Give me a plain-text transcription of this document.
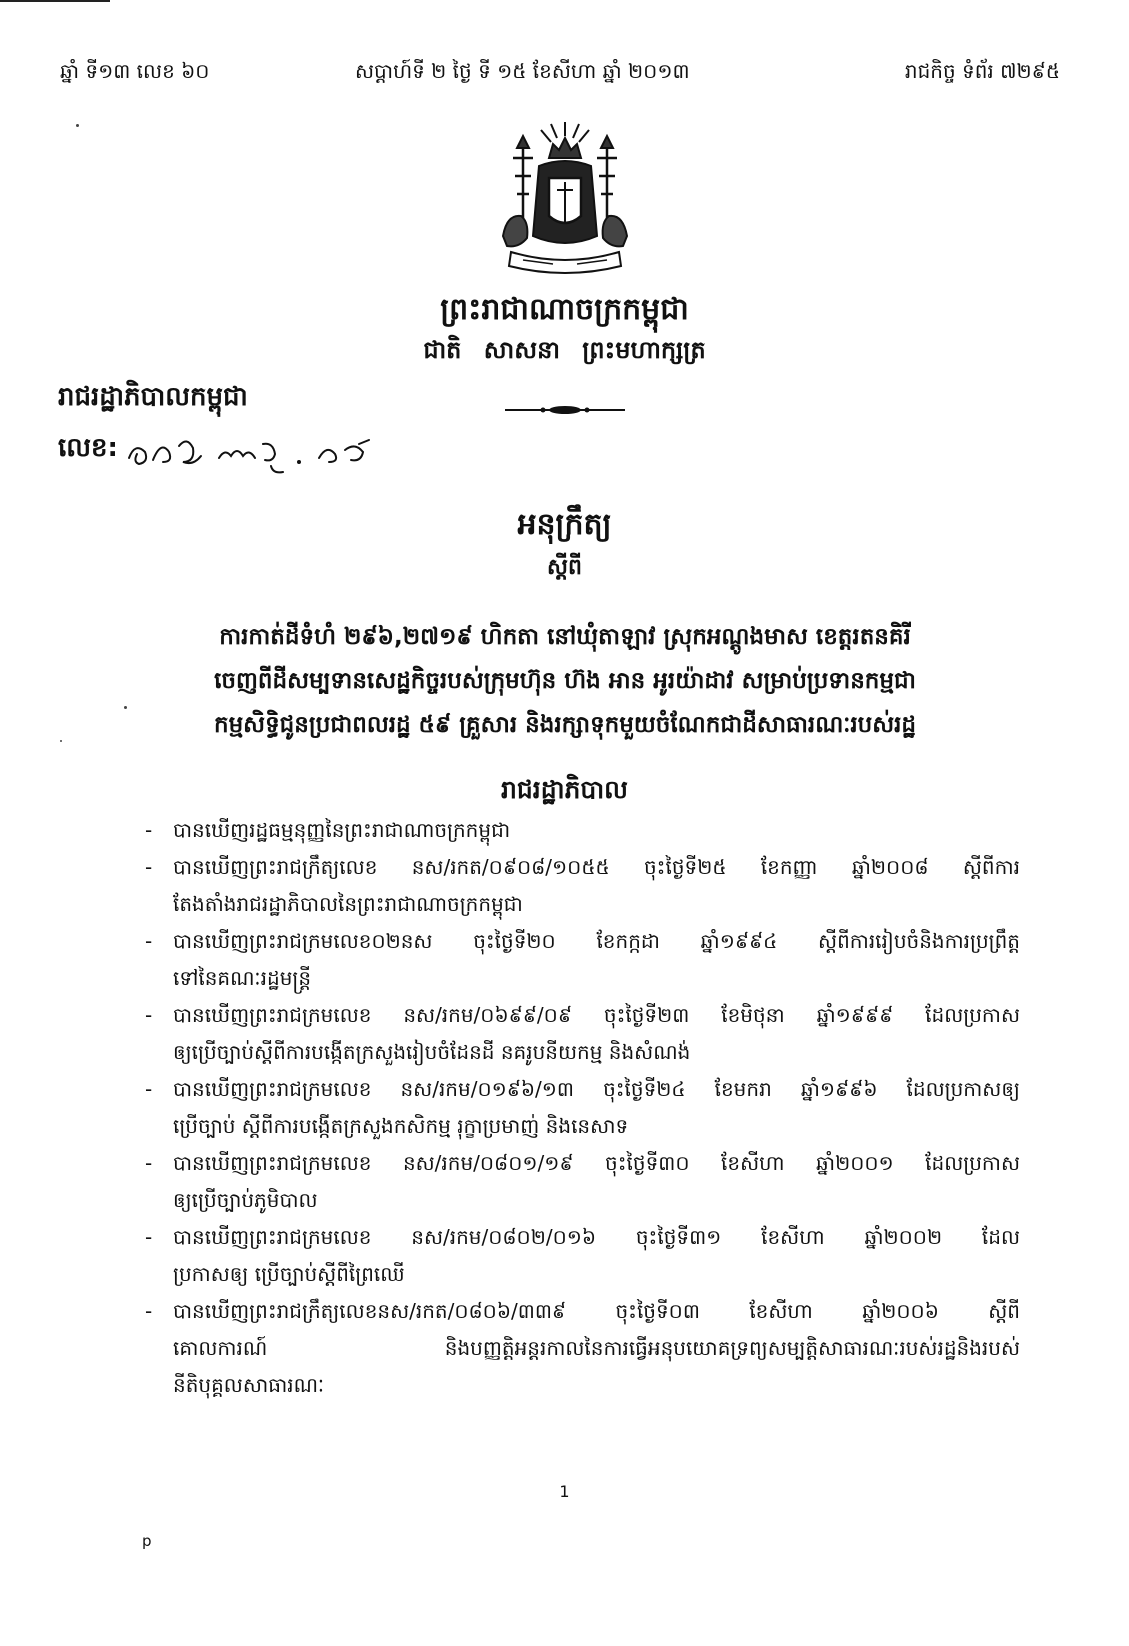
ឆ្នាំ ទី១៣ លេខ ៦០	សប្តាហ៍ទី ២ ថ្ងៃ ទី ១៥ ខែសីហា ឆ្នាំ ២០១៣	រាជកិច្ច ទំព័រ ៧២៩៥
ព្រះរាជាណាចក្រកម្ពុជា
ជាតិ សាសនា ព្រះមហាក្សត្រ
រាជរដ្ឋាភិបាលកម្ពុជា
លេខ:
អនុក្រឹត្យ
ស្តីពី
ការកាត់ដីទំហំ ២៩៦,២៧១៩ ហិកតា នៅឃុំតាឡាវ ស្រុកអណ្តូងមាស ខេត្តរតនគិរី
ចេញពីដីសម្បទានសេដ្ឋកិច្ចរបស់ក្រុមហ៊ុន ហ៊ង អាន អូរយ៉ាដាវ សម្រាប់ប្រទានកម្មជា
កម្មសិទ្ធិជូនប្រជាពលរដ្ឋ ៥៩ គ្រួសារ និងរក្សាទុកមួយចំណែកជាដីសាធារណៈរបស់រដ្ឋ
រាជរដ្ឋាភិបាល
- បានឃើញរដ្ឋធម្មនុញ្ញនៃព្រះរាជាណាចក្រកម្ពុជា
- បានឃើញព្រះរាជក្រឹត្យលេខ នស/រកត/០៩០៨/១០៥៥ ចុះថ្ងៃទី២៥ ខែកញ្ញា ឆ្នាំ២០០៨ ស្តីពីការ
តែងតាំងរាជរដ្ឋាភិបាលនៃព្រះរាជាណាចក្រកម្ពុជា
- បានឃើញព្រះរាជក្រមលេខ០២នស ចុះថ្ងៃទី២០ ខែកក្កដា ឆ្នាំ១៩៩៤ ស្តីពីការរៀបចំនិងការប្រព្រឹត្ត
ទៅនៃគណៈរដ្ឋមន្ត្រី
- បានឃើញព្រះរាជក្រមលេខ នស/រកម/០៦៩៩/០៩ ចុះថ្ងៃទី២៣ ខែមិថុនា ឆ្នាំ១៩៩៩ ដែលប្រកាស
ឲ្យប្រើច្បាប់ស្តីពីការបង្កើតក្រសួងរៀបចំដែនដី នគរូបនីយកម្ម និងសំណង់
- បានឃើញព្រះរាជក្រមលេខ នស/រកម/០១៩៦/១៣ ចុះថ្ងៃទី២៤ ខែមករា ឆ្នាំ១៩៩៦ ដែលប្រកាសឲ្យ
ប្រើច្បាប់ ស្តីពីការបង្កើតក្រសួងកសិកម្ម រុក្ខាប្រមាញ់ និងនេសាទ
- បានឃើញព្រះរាជក្រមលេខ នស/រកម/០៨០១/១៩ ចុះថ្ងៃទី៣០ ខែសីហា ឆ្នាំ២០០១ ដែលប្រកាស
ឲ្យប្រើច្បាប់ភូមិបាល
- បានឃើញព្រះរាជក្រមលេខ នស/រកម/០៨០២/០១៦ ចុះថ្ងៃទី៣១ ខែសីហា ឆ្នាំ២០០២ ដែល
ប្រកាសឲ្យ ប្រើច្បាប់ស្តីពីព្រៃឈើ
- បានឃើញព្រះរាជក្រឹត្យលេខនស/រកត/០៨០៦/៣៣៩ ចុះថ្ងៃទី០៣ ខែសីហា ឆ្នាំ២០០៦ ស្តីពី
គោលការណ៍ និងបញ្ញត្តិអន្តរកាលនៃការធ្វើអនុបយោគទ្រព្យសម្បត្តិសាធារណៈរបស់រដ្ឋនិងរបស់
នីតិបុគ្គលសាធារណៈ
1
p
